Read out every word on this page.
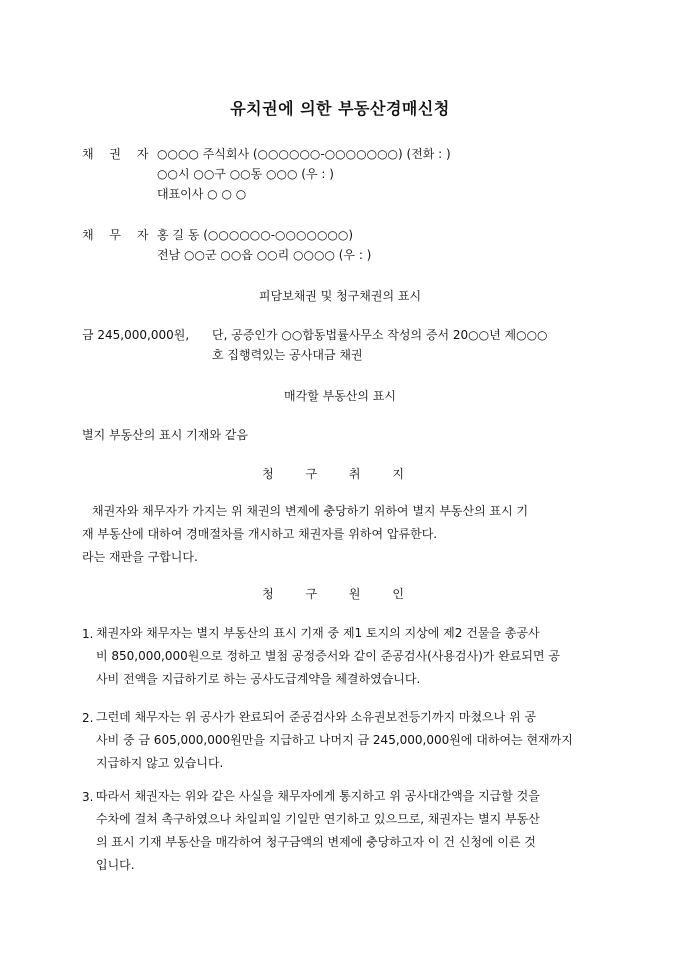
유치권에 의한 부동산경매신청
채 권 자 ○○○○ 주식회사 (○○○○○○-○○○○○○○) (전화 : )
○○시 ○○구 ○○동 ○○○ (우 : )
대표이사 ○ ○ ○
채 무 자 홍 길 동 (○○○○○○-○○○○○○○)
전남 ○○군 ○○읍 ○○리 ○○○○ (우 : )
피담보채권 및 청구채권의 표시
금 245,000,000원, 단, 공증인가 ○○합동법률사무소 작성의 증서 20○○년 제○○○
호 집행력있는 공사대금 채권
매각할 부동산의 표시
별지 부동산의 표시 기재와 같음
청 구 취 지
채권자와 채무자가 가지는 위 채권의 변제에 충당하기 위하여 별지 부동산의 표시 기
재 부동산에 대하여 경매절차를 개시하고 채권자를 위하여 압류한다.
라는 재판을 구합니다.
청 구 원 인
1. 채권자와 채무자는 별지 부동산의 표시 기재 중 제1 토지의 지상에 제2 건물을 총공사
비 850,000,000원으로 정하고 별첨 공정증서와 같이 준공검사(사용검사)가 완료되면 공
사비 전액을 지급하기로 하는 공사도급계약을 체결하였습니다.
2. 그런데 채무자는 위 공사가 완료되어 준공검사와 소유권보전등기까지 마쳤으나 위 공
사비 중 금 605,000,000원만을 지급하고 나머지 금 245,000,000원에 대하여는 현재까지
지급하지 않고 있습니다.
3. 따라서 채권자는 위와 같은 사실을 채무자에게 통지하고 위 공사대간액을 지급할 것을
수차에 걸쳐 촉구하였으나 차일피일 기일만 연기하고 있으므로, 채권자는 별지 부동산
의 표시 기재 부동산을 매각하여 청구금액의 변제에 충당하고자 이 건 신청에 이른 것
입니다.
